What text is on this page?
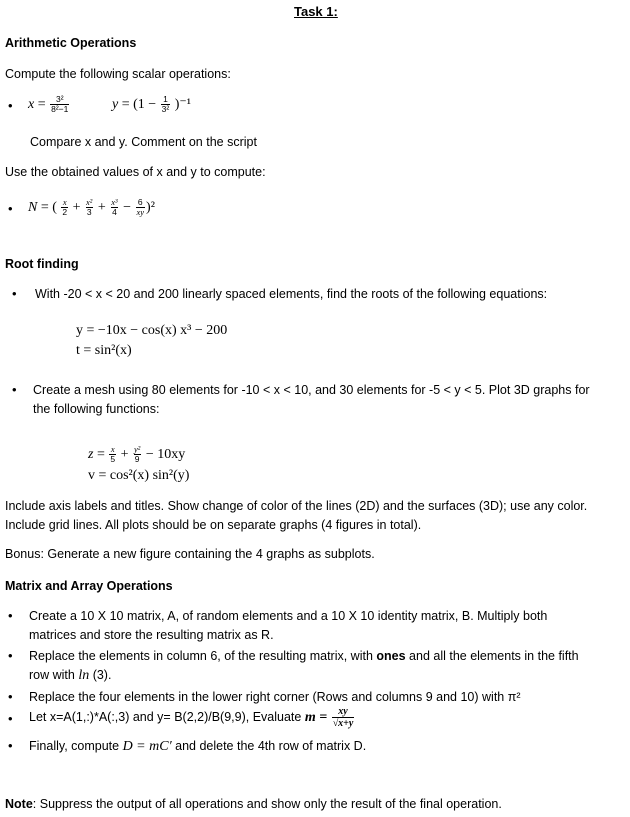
Task 1:
Arithmetic Operations
Compute the following scalar operations:
• $x = \frac{\text{3²}}{\text{8²−1}}$	$y = (1 - \frac{1}{\text{3²}} )^{-1}$
Compare x and y. Comment on the script
Use the obtained values of x and y to compute:
• N = ( $\frac{x}{2} + \frac{\text{x²}}{3} + \frac{\text{x³}}{4} - \frac{6}{xy} )^2$
Root finding
• With -20 < x < 20 and 200 linearly spaced elements, find the roots of the following equations:
y = −10x − cos(x) x³ − 200
t = sin²(x)
• Create a mesh using 80 elements for -10 < x < 10, and 30 elements for -5 < y < 5. Plot 3D graphs for
the following functions:
$z = \frac{x}{5} + \frac{\text{y²}}{9} - 10xy$
v = cos²(x) sin²(y)
Include axis labels and titles. Show change of color of the lines (2D) and the surfaces (3D); use any color.
Include grid lines. All plots should be on separate graphs (4 figures in total).
Bonus: Generate a new figure containing the 4 graphs as subplots.
Matrix and Array Operations
• Create a 10 X 10 matrix, A, of random elements and a 10 X 10 identity matrix, B. Multiply both
matrices and store the resulting matrix as R.
• Replace the elements in column 6, of the resulting matrix, with ones and all the elements in the fifth
row with ln (3).
• Replace the four elements in the lower right corner (Rows and columns 9 and 10) with π²
• Let x=A(1,:)*A(:,3) and y= B(2,2)/B(9,9), Evaluate $m = \frac{xy}{√x+y}$
• Finally, compute D = mC′ and delete the 4th row of matrix D.
Note: Suppress the output of all operations and show only the result of the final operation.
